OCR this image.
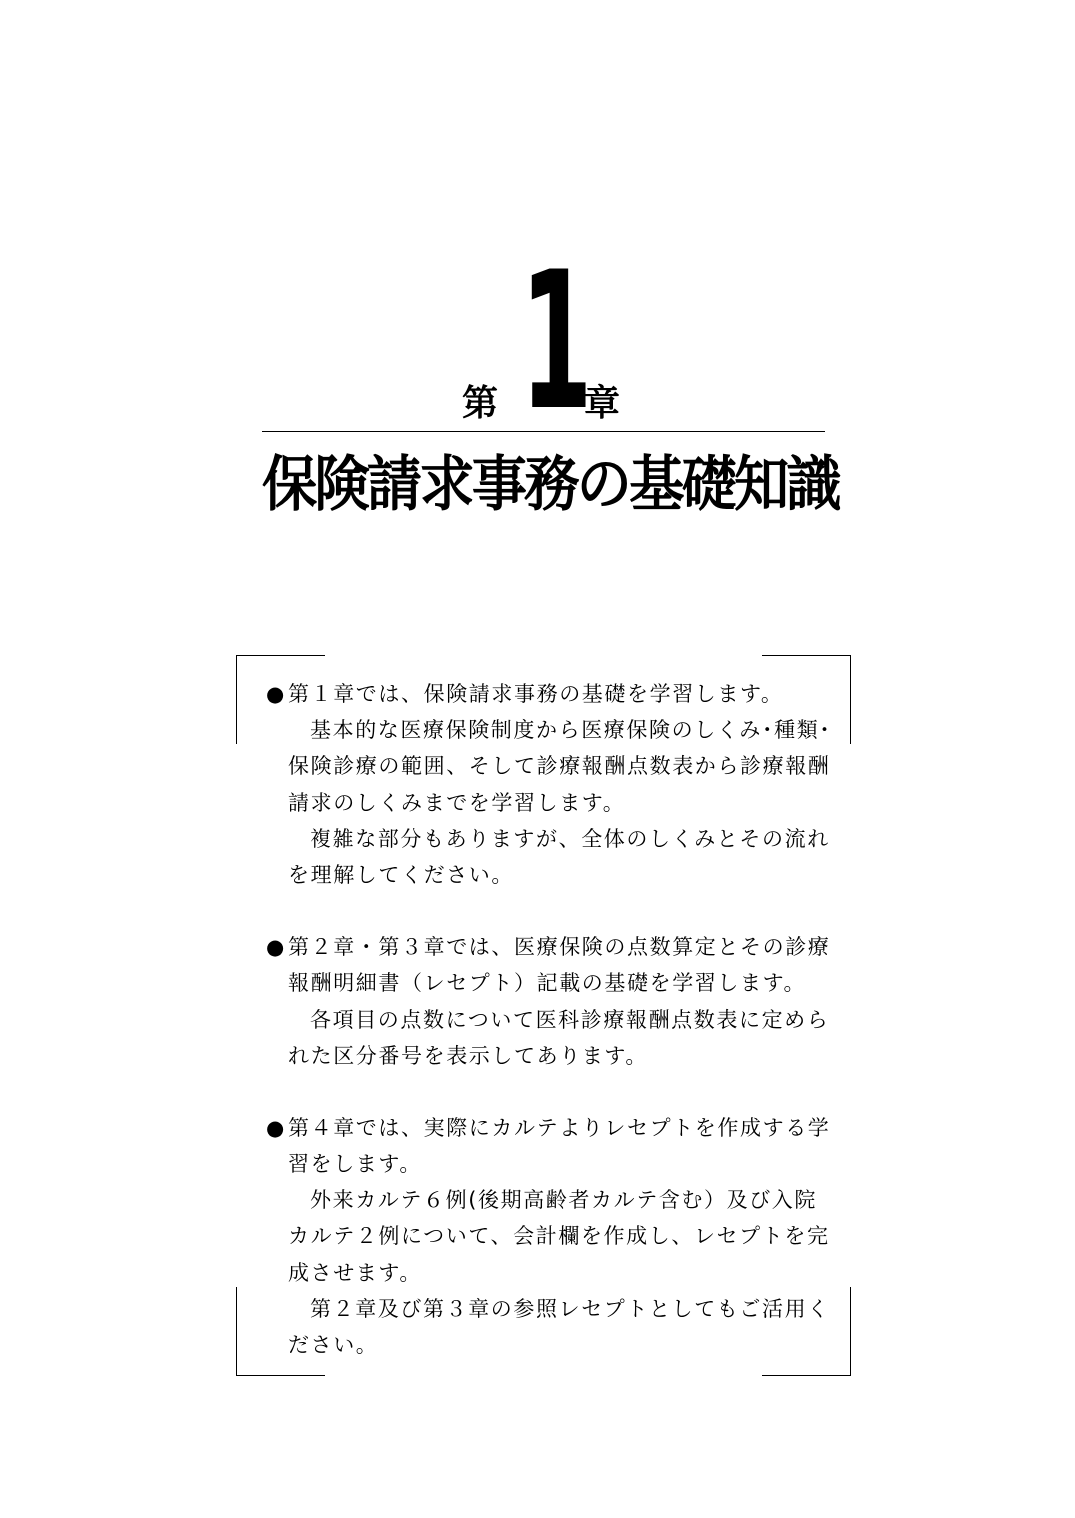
第 1
章
保険請求事務の基礎知識
●第１章では、保険請求事務の基礎を学習します。
基本的な医療保険制度から医療保険のしくみ･種類･
保険診療の範囲、そして診療報酬点数表から診療報酬
請求のしくみまでを学習します。
複雑な部分もありますが、全体のしくみとその流れ
を理解してください。
●第２章・第３章では、医療保険の点数算定とその診療
報酬明細書（レセプト）記載の基礎を学習します。
各項目の点数について医科診療報酬点数表に定めら
れた区分番号を表示してあります。
●第４章では、実際にカルテよりレセプトを作成する学
習をします。
外来カルテ６例(後期高齢者カルテ含む）及び入院
カルテ２例について、会計欄を作成し、レセプトを完
成させます。
第２章及び第３章の参照レセプトとしてもご活用く
ださい。
